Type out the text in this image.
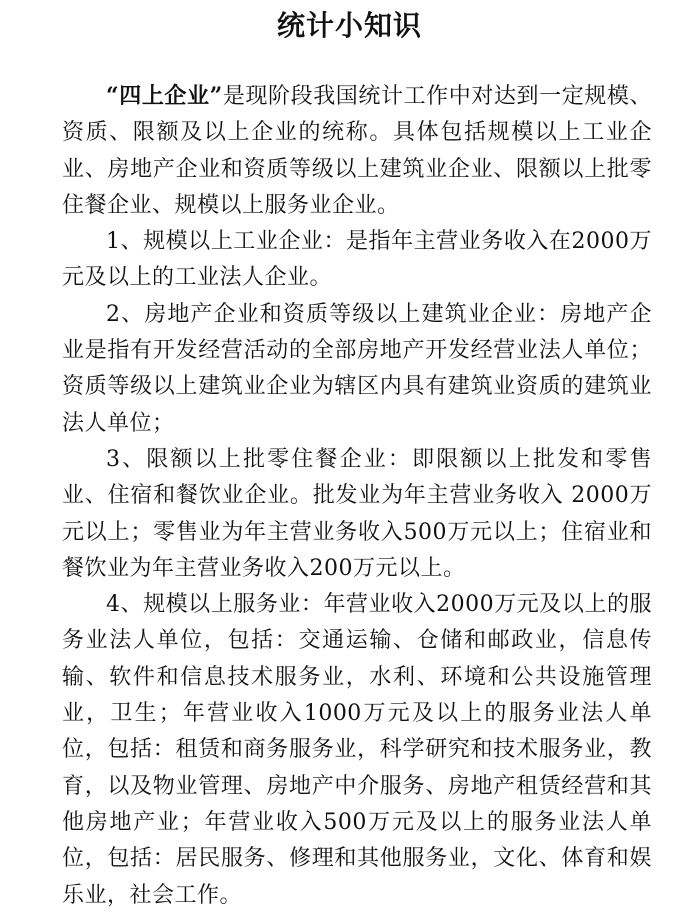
统计小知识

“四上企业”是现阶段我国统计工作中对达到一定规模、资质、限额及以上企业的统称。具体包括规模以上工业企业、房地产企业和资质等级以上建筑业企业、限额以上批零住餐企业、规模以上服务业企业。

1、规模以上工业企业：是指年主营业务收入在2000万元及以上的工业法人企业。

2、房地产企业和资质等级以上建筑业企业：房地产企业是指有开发经营活动的全部房地产开发经营业法人单位；资质等级以上建筑业企业为辖区内具有建筑业资质的建筑业法人单位；

3、限额以上批零住餐企业：即限额以上批发和零售业、住宿和餐饮业企业。批发业为年主营业务收入 2000万元以上；零售业为年主营业务收入500万元以上；住宿业和餐饮业为年主营业务收入200万元以上。

4、规模以上服务业：年营业收入2000万元及以上的服务业法人单位，包括：交通运输、仓储和邮政业，信息传输、软件和信息技术服务业，水利、环境和公共设施管理业，卫生；年营业收入1000万元及以上的服务业法人单位，包括：租赁和商务服务业，科学研究和技术服务业，教育，以及物业管理、房地产中介服务、房地产租赁经营和其他房地产业；年营业收入500万元及以上的服务业法人单位，包括：居民服务、修理和其他服务业，文化、体育和娱乐业，社会工作。
